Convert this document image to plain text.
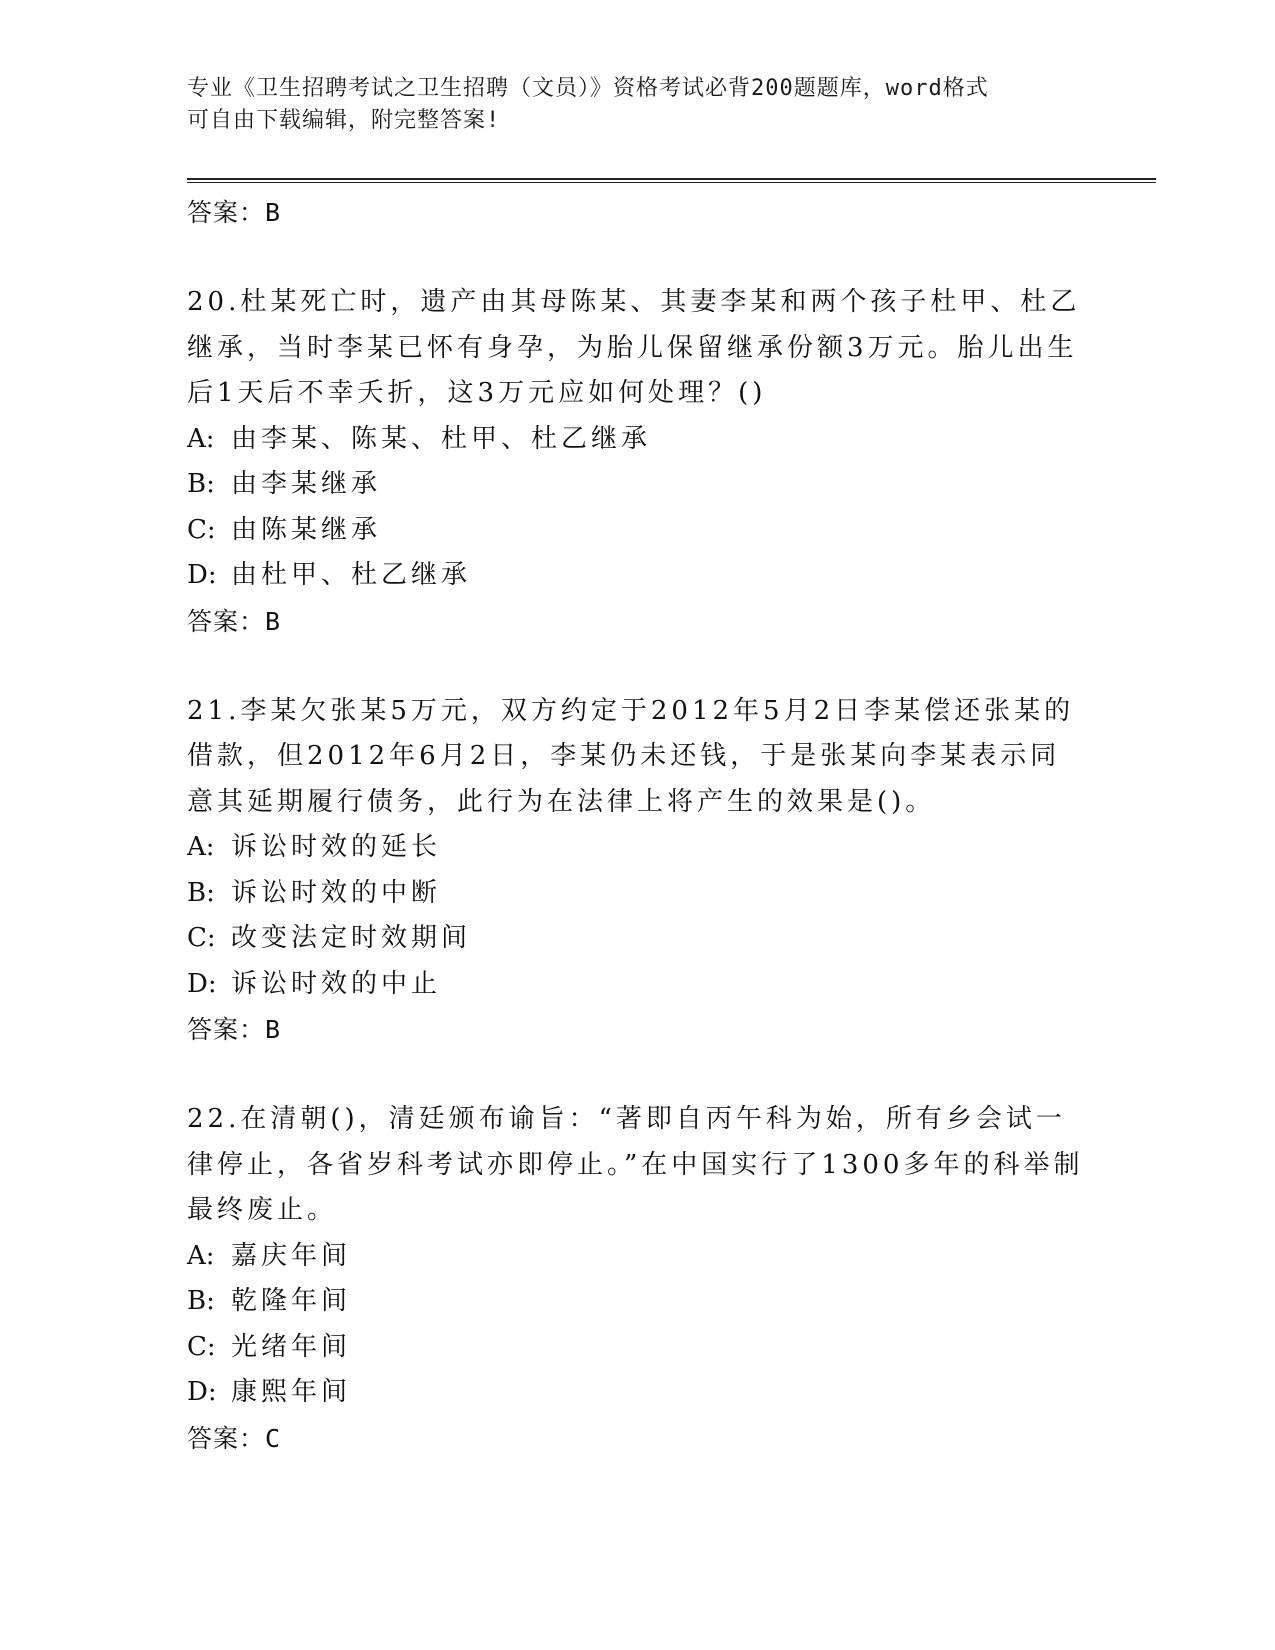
专业《卫生招聘考试之卫生招聘（文员）》资格考试必背200题题库，word格式
可自由下载编辑，附完整答案!
答案：B
20.杜某死亡时，遗产由其母陈某、其妻李某和两个孩子杜甲、杜乙继承，当时李某已怀有身孕，为胎儿保留继承份额3万元。胎儿出生后1天后不幸夭折，这3万元应如何处理？()
A: 由李某、陈某、杜甲、杜乙继承
B: 由李某继承
C: 由陈某继承
D: 由杜甲、杜乙继承
答案：B
21.李某欠张某5万元，双方约定于2012年5月2日李某偿还张某的借款，但2012年6月2日，李某仍未还钱，于是张某向李某表示同意其延期履行债务，此行为在法律上将产生的效果是()。
A: 诉讼时效的延长
B: 诉讼时效的中断
C: 改变法定时效期间
D: 诉讼时效的中止
答案：B
22.在清朝()，清廷颁布谕旨：“著即自丙午科为始，所有乡会试一律停止，各省岁科考试亦即停止。”在中国实行了1300多年的科举制最终废止。
A: 嘉庆年间
B: 乾隆年间
C: 光绪年间
D: 康熙年间
答案：C
